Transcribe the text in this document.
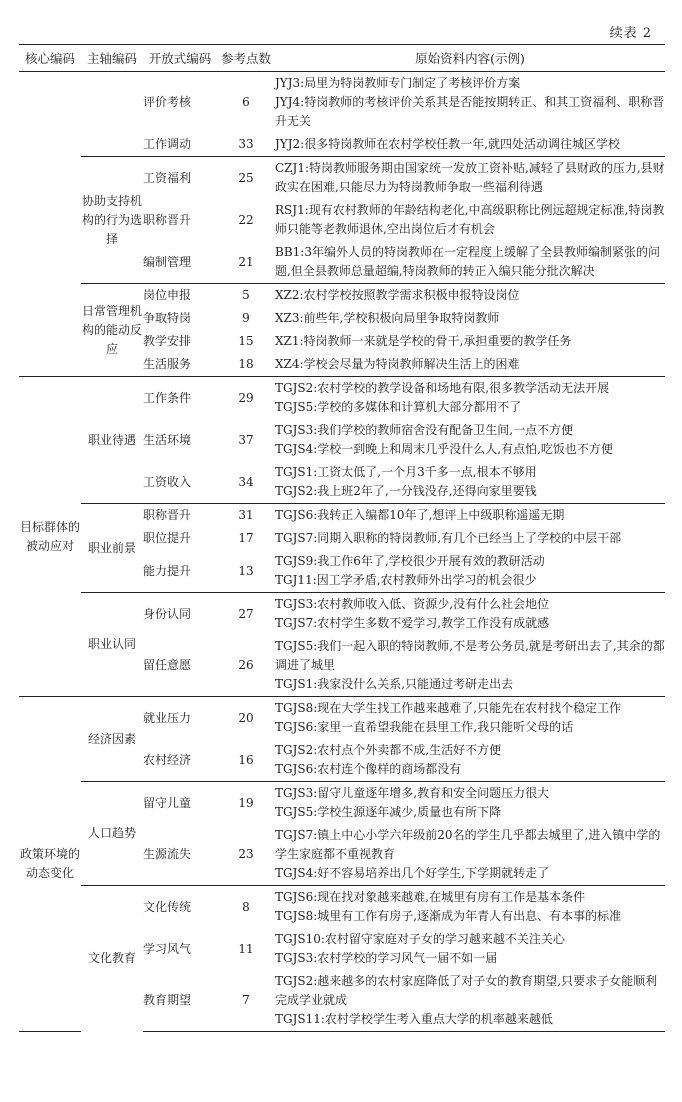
续表 2
核心编码	主轴编码	开放式编码	参考点数	原始资料内容(示例)
		评价考核	6	JYJ3:局里为特岗教师专门制定了考核评价方案
JYJ4:特岗教师的考核评价关系其是否能按期转正、和其工资福利、职称晋升无关

		工作调动	33	JYJ2:很多特岗教师在农村学校任教一年,就四处活动调往城区学校

	协助支持机构的行为选择	工资福利	25	CZJ1:特岗教师服务期由国家统一发放工资补贴,减轻了县财政的压力,县财政实在困难,只能尽力为特岗教师争取一些福利待遇

		职称晋升	22	RSJ1:现有农村教师的年龄结构老化,中高级职称比例远超规定标准,特岗教师只能等老教师退休,空出岗位后才有机会

		编制管理	21	BB1:3年编外人员的特岗教师在一定程度上缓解了全县教师编制紧张的问题,但全县教师总量超编,特岗教师的转正入编只能分批次解决

	日常管理机构的能动反应	岗位申报	5	XZ2:农村学校按照教学需求积极申报特设岗位

		争取特岗	9	XZ3:前些年,学校积极向局里争取特岗教师

		教学安排	15	XZ1:特岗教师一来就是学校的骨干,承担重要的教学任务

		生活服务	18	XZ4:学校会尽量为特岗教师解决生活上的困难

目标群体的被动应对	职业待遇	工作条件	29	TGJS2:农村学校的教学设备和场地有限,很多教学活动无法开展
TGJS5:学校的多媒体和计算机大部分都用不了

		生活环境	37	TGJS3:我们学校的教师宿舍没有配备卫生间,一点不方便
TGJS4:学校一到晚上和周末几乎没什么人,有点怕,吃饭也不方便

		工资收入	34	TGJS1:工资太低了,一个月3千多一点,根本不够用
TGJS2:我上班2年了,一分钱没存,还得向家里要钱

	职业前景	职称晋升	31	TGJS6:我转正入编都10年了,想评上中级职称遥遥无期

		职位提升	17	TGJS7:同期入职称的特岗教师,有几个已经当上了学校的中层干部

		能力提升	13	TGJS9:我工作6年了,学校很少开展有效的教研活动
TGJ11:因工学矛盾,农村教师外出学习的机会很少

	职业认同	身份认同	27	TGJS3:农村教师收入低、资源少,没有什么社会地位
TGJS7:农村学生多数不爱学习,教学工作没有成就感

		留任意愿	26	TGJS5:我们一起入职的特岗教师,不是考公务员,就是考研出去了,其余的都调进了城里
TGJS1:我家没什么关系,只能通过考研走出去

政策环境的动态变化	经济因素	就业压力	20	TGJS8:现在大学生找工作越来越难了,只能先在农村找个稳定工作
TGJS6:家里一直希望我能在县里工作,我只能听父母的话

		农村经济	16	TGJS2:农村点个外卖都不成,生活好不方便
TGJS6:农村连个像样的商场都没有

	人口趋势	留守儿童	19	TGJS3:留守儿童逐年增多,教育和安全问题压力很大
TGJS5:学校生源逐年减少,质量也有所下降

		生源流失	23	TGJS7:镇上中心小学六年级前20名的学生几乎都去城里了,进入镇中学的学生家庭都不重视教育
TGJS4:好不容易培养出几个好学生,下学期就转走了

	文化教育	文化传统	8	TGJS6:现在找对象越来越难,在城里有房有工作是基本条件
TGJS8:城里有工作有房子,逐渐成为年青人有出息、有本事的标准

		学习风气	11	TGJS10:农村留守家庭对子女的学习越来越不关注关心
TGJS3:农村学校的学习风气一届不如一届

		教育期望	7	TGJS2:越来越多的农村家庭降低了对子女的教育期望,只要求子女能顺利完成学业就成
TGJS11:农村学校学生考入重点大学的机率越来越低
